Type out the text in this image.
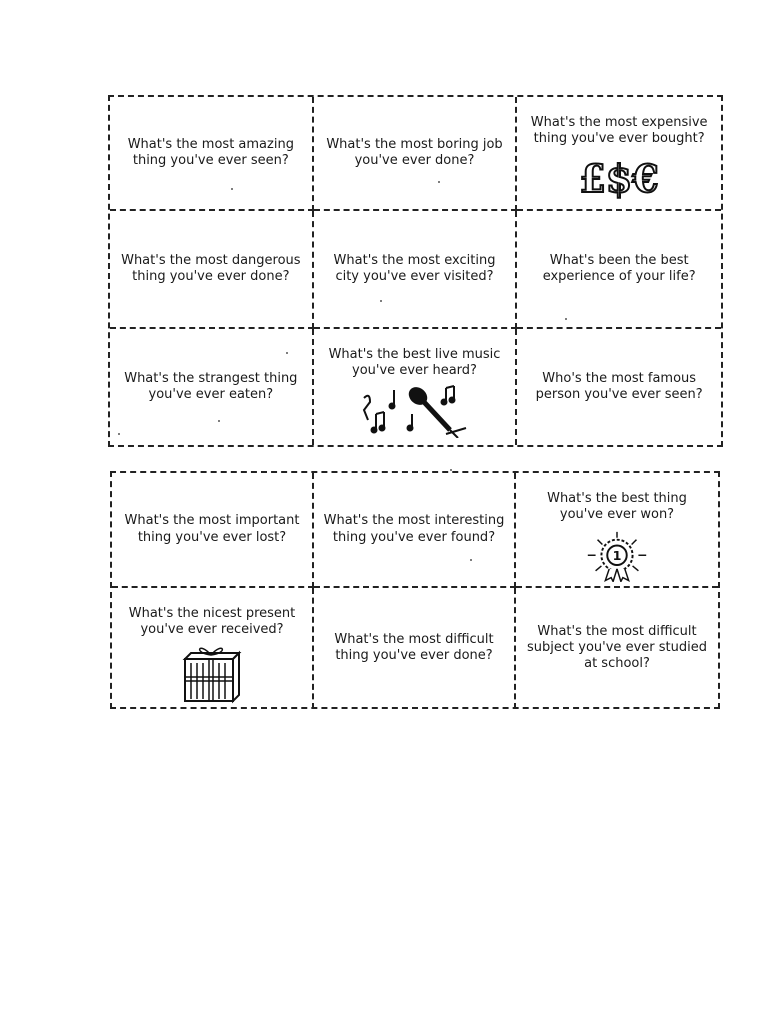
What's the most amazing thing you've ever seen?

What's the most boring job you've ever done?

What's the most expensive thing you've ever bought?

£$€

What's the most dangerous thing you've ever done?

What's the most exciting city you've ever visited?

What's been the best experience of your life?

What's the strangest thing you've ever eaten?

What's the best live music you've ever heard?	Who's the most famous person you've ever seen?

What's the most important thing you've ever lost?

What's the most interesting thing you've ever found?

What's the best thing you've ever won?

1

What's the nicest present you've ever received?

What's the most difficult thing you've ever done?

What's the most difficult subject you've ever studied at school?
